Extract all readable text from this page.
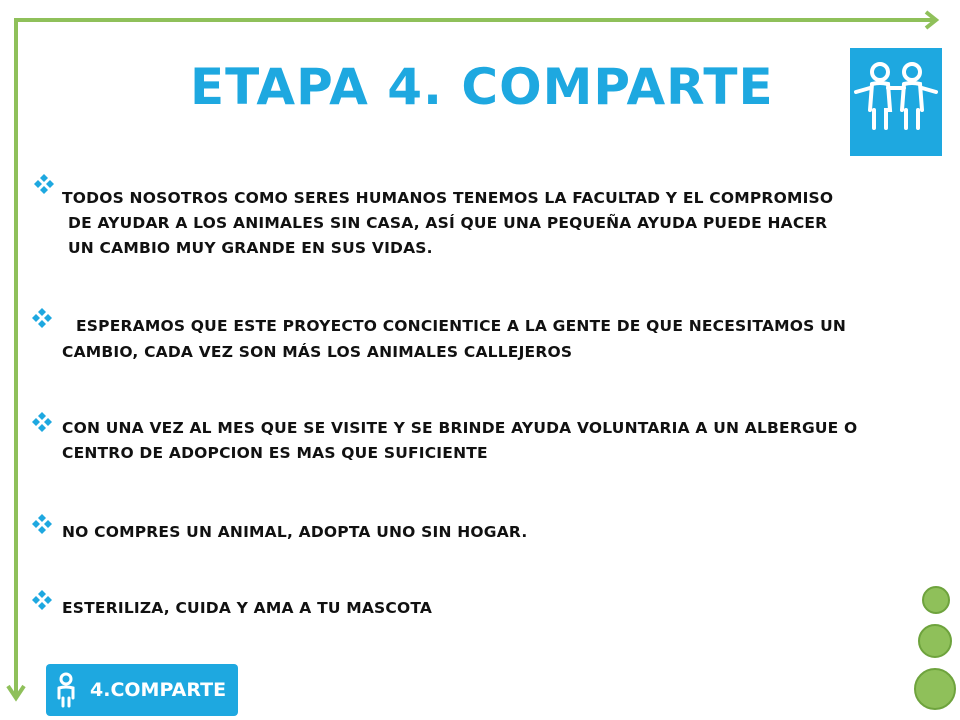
ETAPA 4. COMPARTE
TODOS NOSOTROS COMO SERES HUMANOS TENEMOS LA FACULTAD Y EL COMPROMISO
DE AYUDAR A LOS ANIMALES SIN CASA, ASÍ QUE UNA PEQUEÑA AYUDA PUEDE HACER
UN CAMBIO MUY GRANDE EN SUS VIDAS.
ESPERAMOS QUE ESTE PROYECTO CONCIENTICE A LA GENTE DE QUE NECESITAMOS UN
CAMBIO, CADA VEZ SON MÁS LOS ANIMALES CALLEJEROS
CON UNA VEZ AL MES QUE SE VISITE Y SE BRINDE AYUDA VOLUNTARIA A UN ALBERGUE O
CENTRO DE ADOPCION ES MAS QUE SUFICIENTE
NO COMPRES UN ANIMAL, ADOPTA UNO SIN HOGAR.
ESTERILIZA, CUIDA Y AMA A TU MASCOTA
4.COMPARTE
